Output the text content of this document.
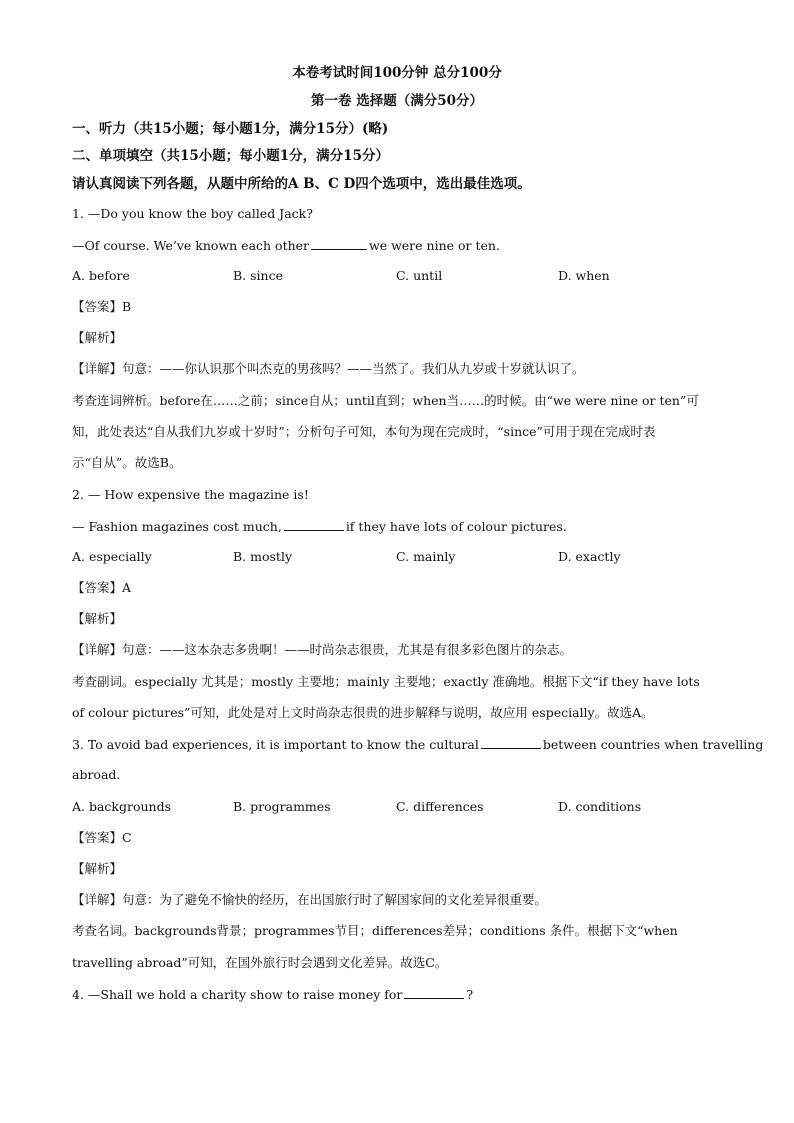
本卷考试时间100分钟 总分100分
第一卷 选择题（满分50分）
一、听力（共15小题；每小题1分，满分15分）(略)
二、单项填空（共15小题；每小题1分，满分15分）
请认真阅读下列各题，从题中所给的A B、C D四个选项中，选出最佳选项。
1. —Do you know the boy called Jack?
—Of course. We’ve known each other	we were nine or ten.
A. before	B. since	C. until	D. when
【答案】B
【解析】
【详解】句意：——你认识那个叫杰克的男孩吗？——当然了。我们从九岁或十岁就认识了。
考查连词辨析。before在……之前；since自从；until直到；when当……的时候。由“we were nine or ten”可
知，此处表达“自从我们九岁或十岁时”；分析句子可知，本句为现在完成时，“since”可用于现在完成时表
示“自从”。故选B。
2. — How expensive the magazine is!
— Fashion magazines cost much,	if they have lots of colour pictures.
A. especially	B. mostly	C. mainly	D. exactly
【答案】A
【解析】
【详解】句意：——这本杂志多贵啊！——时尚杂志很贵，尤其是有很多彩色图片的杂志。
考查副词。especially 尤其是；mostly 主要地；mainly 主要地；exactly 准确地。根据下文“if they have lots
of colour pictures”可知，此处是对上文时尚杂志很贵的进步解释与说明，故应用 especially。故选A。
3. To avoid bad experiences, it is important to know the cultural	between countries when travelling
abroad.
A. backgrounds	B. programmes	C. differences	D. conditions
【答案】C
【解析】
【详解】句意：为了避免不愉快的经历，在出国旅行时了解国家间的文化差异很重要。
考查名词。backgrounds背景；programmes节目；differences差异；conditions 条件。根据下文“when
travelling abroad”可知，在国外旅行时会遇到文化差异。故选C。
4. —Shall we hold a charity show to raise money for	?
